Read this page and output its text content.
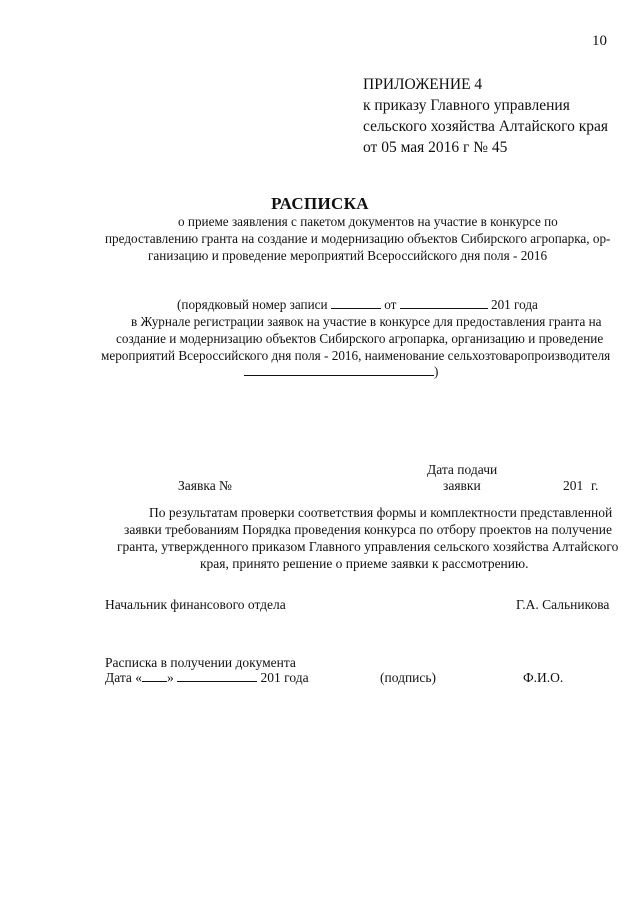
10
ПРИЛОЖЕНИЕ 4
к приказу Главного управления
сельского хозяйства Алтайского края
от 05 мая 2016 г № 45
РАСПИСКА
о приеме заявления с пакетом документов на участие в конкурсе по
предоставлению гранта на создание и модернизацию объектов Сибирского агропарка, ор-
ганизацию и проведение мероприятий Всероссийского дня поля - 2016
(порядковый номер записи	от	201 года
в Журнале регистрации заявок на участие в конкурсе для предоставления гранта на
создание и модернизацию объектов Сибирского агропарка, организацию и проведение
мероприятий Всероссийского дня поля - 2016, наименование сельхозтоваропроизводителя
)
Дата подачи
Заявка №	заявки	201 г.
По результатам проверки соответствия формы и комплектности представленной
заявки требованиям Порядка проведения конкурса по отбору проектов на получение
гранта, утвержденного приказом Главного управления сельского хозяйства Алтайского
края, принято решение о приеме заявки к рассмотрению.
Начальник финансового отдела	Г.А. Сальникова
Расписка в получении документа
Дата « »	201 года	(подпись)	Ф.И.О.
